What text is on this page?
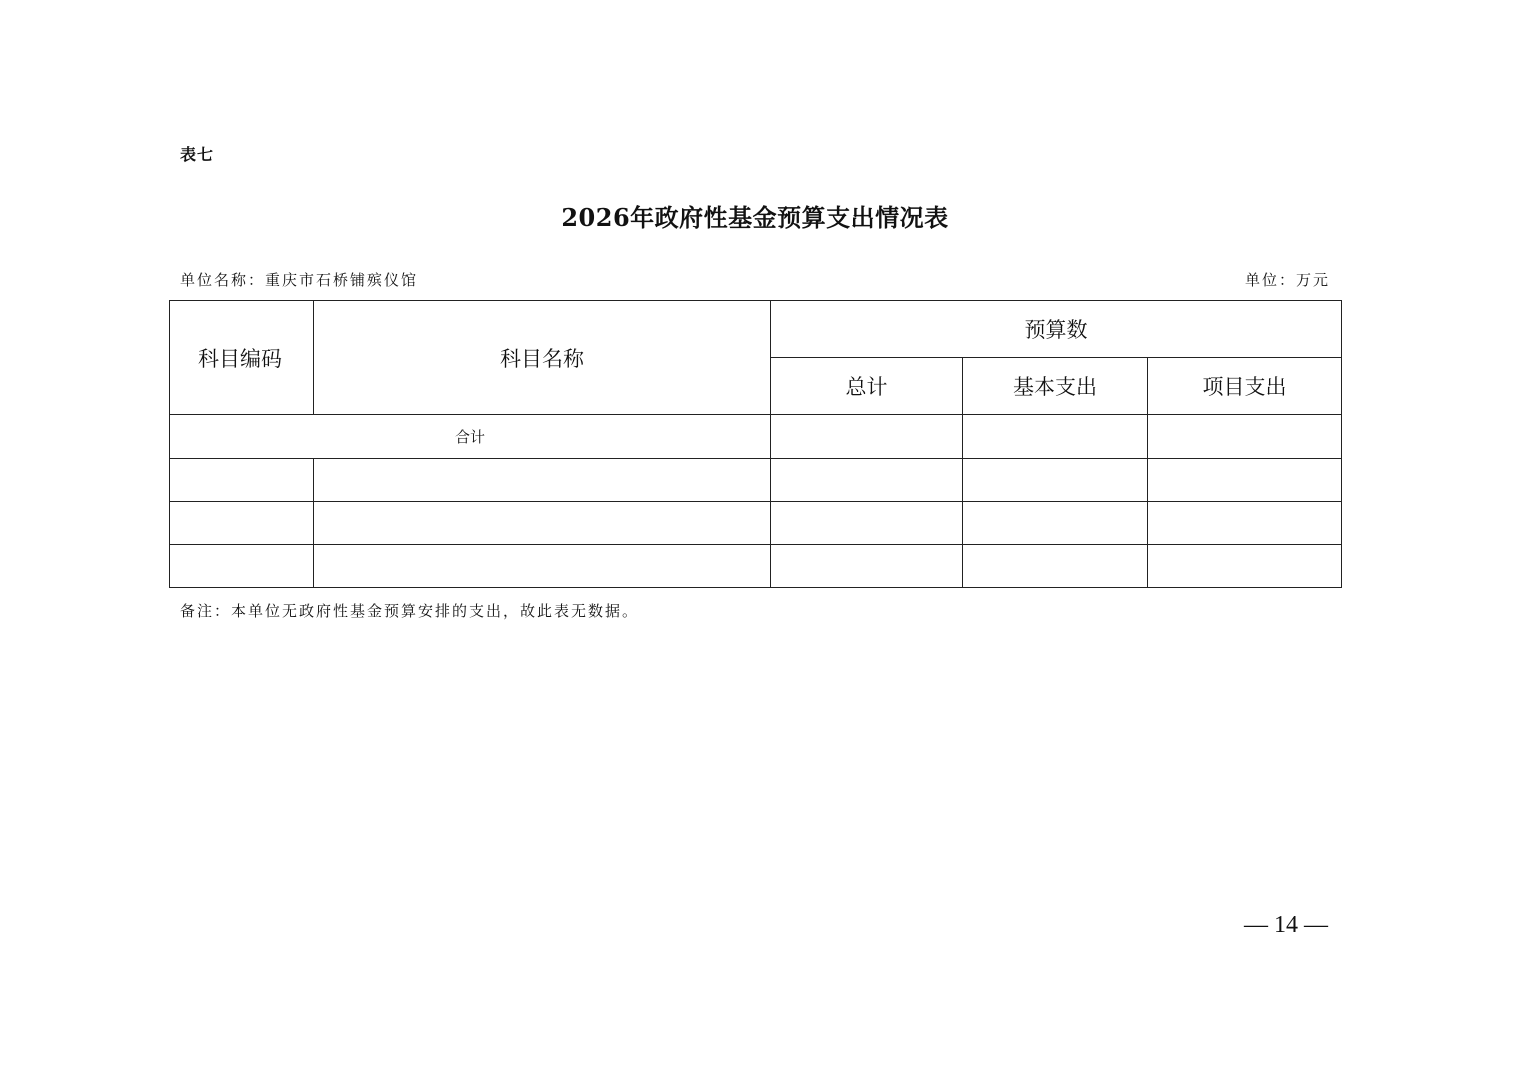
表七
2026年政府性基金预算支出情况表
单位名称：重庆市石桥铺殡仪馆	单位：万元
科目编码	科目名称	预算数		
		总计	基本支出	项目支出
合计				

备注：本单位无政府性基金预算安排的支出，故此表无数据。
— 14 —
